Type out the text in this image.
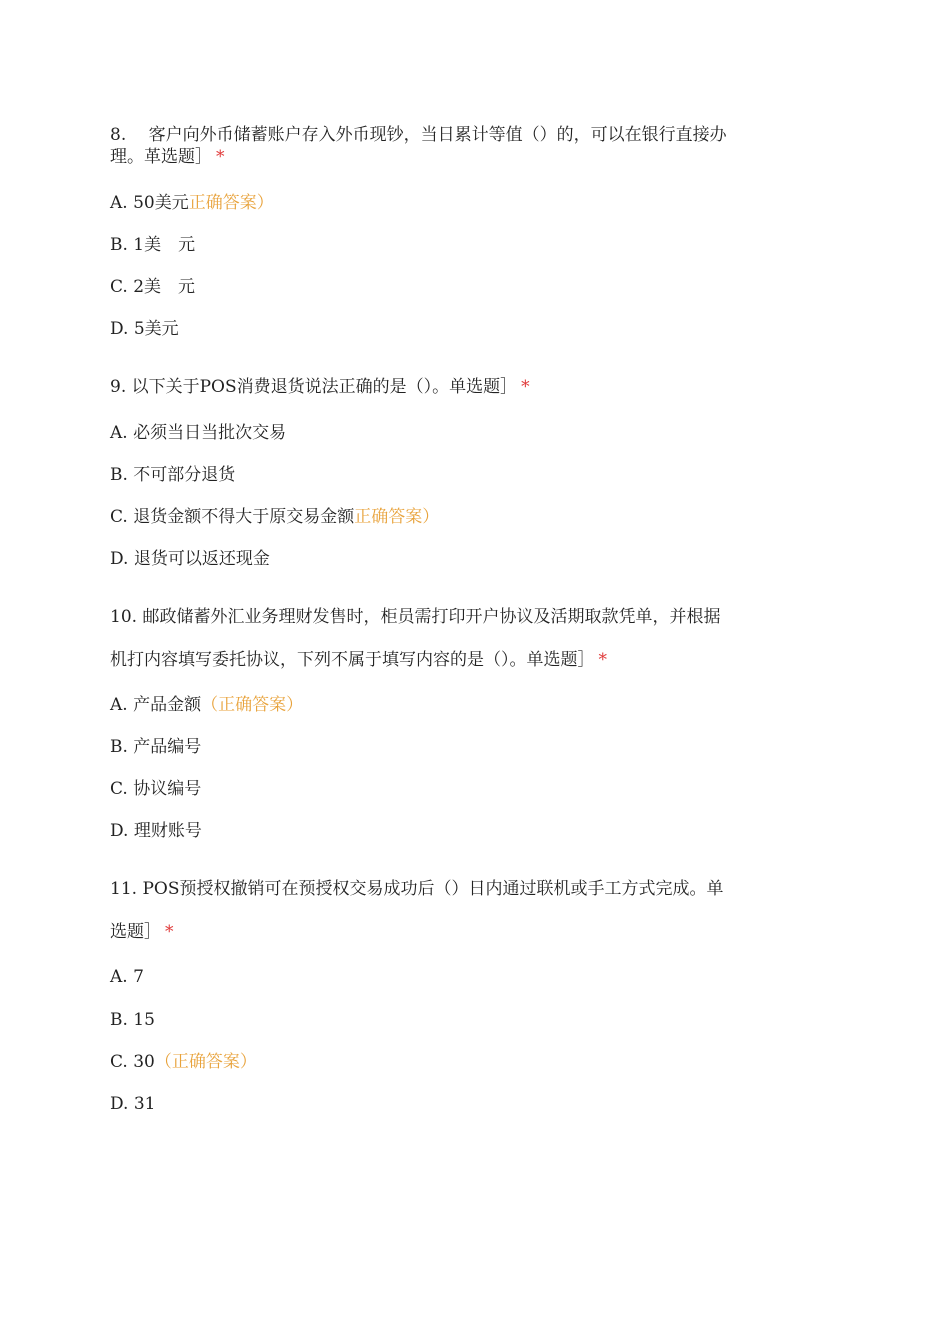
8.　 客户向外币储蓄账户存入外币现钞，当日累计等值（）的，可以在银行直接办
理。革选题］ *
A. 50美元正确答案）
B. 1美　元
C. 2美　元
D. 5美元
9. 以下关于POS消费退货说法正确的是（）。单选题］ *
A. 必须当日当批次交易
B. 不可部分退货
C. 退货金额不得大于原交易金额正确答案）
D. 退货可以返还现金
10. 邮政储蓄外汇业务理财发售时，柜员需打印开户协议及活期取款凭单，并根据
机打内容填写委托协议，下列不属于填写内容的是（）。单选题］ *
A. 产品金额（正确答案）
B. 产品编号
C. 协议编号
D. 理财账号
11. POS预授权撤销可在预授权交易成功后（）日内通过联机或手工方式完成。单
选题］ *
A. 7
B. 15
C. 30（正确答案）
D. 31
